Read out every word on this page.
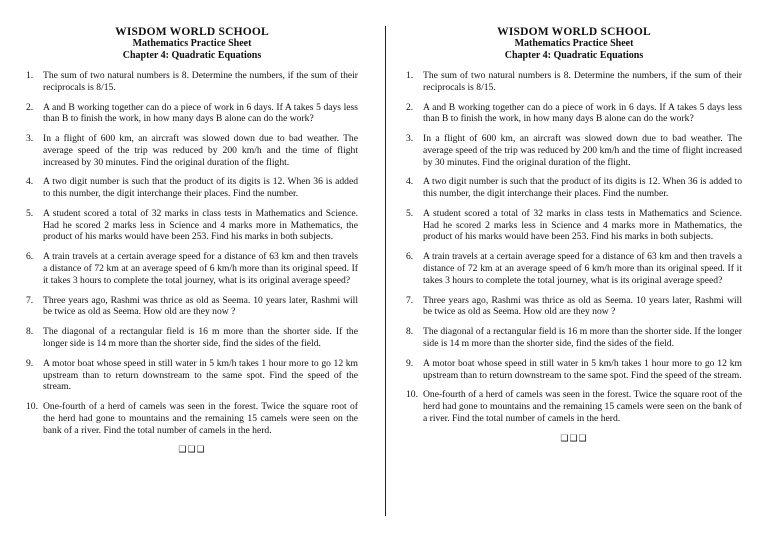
WISDOM WORLD SCHOOL
Mathematics Practice Sheet
Chapter 4: Quadratic Equations
1.	The sum of two natural numbers is 8. Determine the numbers, if the sum of their reciprocals is 8/15.
2.	A and B working together can do a piece of work in 6 days. If A takes 5 days less than B to finish the work, in how many days B alone can do the work?
3.	In a flight of 600 km, an aircraft was slowed down due to bad weather. The average speed of the trip was reduced by 200 km/h and the time of flight increased by 30 minutes. Find the original duration of the flight.
4.	A two digit number is such that the product of its digits is 12. When 36 is added to this number, the digit interchange their places. Find the number.
5.	A student scored a total of 32 marks in class tests in Mathematics and Science. Had he scored 2 marks less in Science and 4 marks more in Mathematics, the product of his marks would have been 253. Find his marks in both subjects.
6.	A train travels at a certain average speed for a distance of 63 km and then travels a distance of 72 km at an average speed of 6 km/h more than its original speed. If it takes 3 hours to complete the total journey, what is its original average speed?
7.	Three years ago, Rashmi was thrice as old as Seema. 10 years later, Rashmi will be twice as old as Seema. How old are they now ?
8.	The diagonal of a rectangular field is 16 m more than the shorter side. If the longer side is 14 m more than the shorter side, find the sides of the field.
9.	A motor boat whose speed in still water in 5 km/h takes 1 hour more to go 12 km upstream than to return downstream to the same spot. Find the speed of the stream.
10. One-fourth of a herd of camels was seen in the forest. Twice the square root of the herd had gone to mountains and the remaining 15 camels were seen on the bank of a river. Find the total number of camels in the herd.
❑❑❑
WISDOM WORLD SCHOOL
Mathematics Practice Sheet
Chapter 4: Quadratic Equations
1.	The sum of two natural numbers is 8. Determine the numbers, if the sum of their reciprocals is 8/15.
2.	A and B working together can do a piece of work in 6 days. If A takes 5 days less than B to finish the work, in how many days B alone can do the work?
3.	In a flight of 600 km, an aircraft was slowed down due to bad weather. The average speed of the trip was reduced by 200 km/h and the time of flight increased by 30 minutes. Find the original duration of the flight.
4.	A two digit number is such that the product of its digits is 12. When 36 is added to this number, the digit interchange their places. Find the number.
5.	A student scored a total of 32 marks in class tests in Mathematics and Science. Had he scored 2 marks less in Science and 4 marks more in Mathematics, the product of his marks would have been 253. Find his marks in both subjects.
6.	A train travels at a certain average speed for a distance of 63 km and then travels a distance of 72 km at an average speed of 6 km/h more than its original speed. If it takes 3 hours to complete the total journey, what is its original average speed?
7.	Three years ago, Rashmi was thrice as old as Seema. 10 years later, Rashmi will be twice as old as Seema. How old are they now ?
8.	The diagonal of a rectangular field is 16 m more than the shorter side. If the longer side is 14 m more than the shorter side, find the sides of the field.
9.	A motor boat whose speed in still water in 5 km/h takes 1 hour more to go 12 km upstream than to return downstream to the same spot. Find the speed of the stream.
10. One-fourth of a herd of camels was seen in the forest. Twice the square root of the herd had gone to mountains and the remaining 15 camels were seen on the bank of a river. Find the total number of camels in the herd.
❑❑❑
